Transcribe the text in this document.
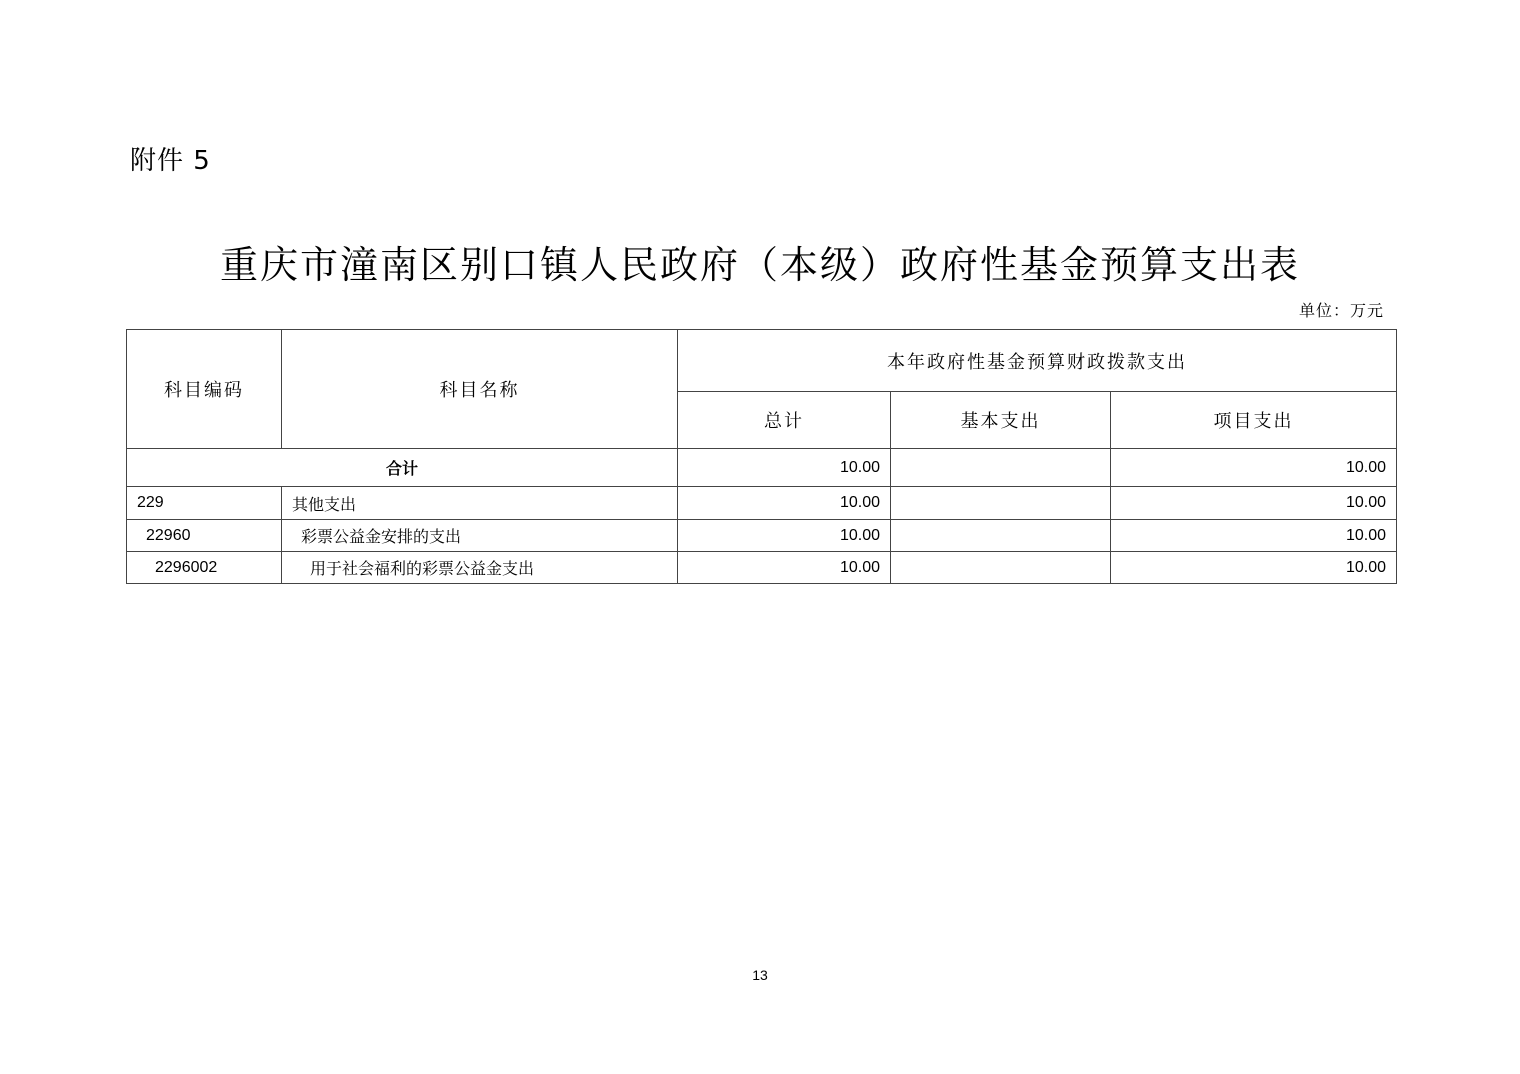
附件 5
重庆市潼南区别口镇人民政府（本级）政府性基金预算支出表
单位：万元
科目编码	科目名称	本年政府性基金预算财政拨款支出		
		总计	基本支出	项目支出
合计		10.00		10.00
229	其他支出	10.00		10.00
22960	彩票公益金安排的支出	10.00		10.00
2296002	用于社会福利的彩票公益金支出	10.00		10.00
13
